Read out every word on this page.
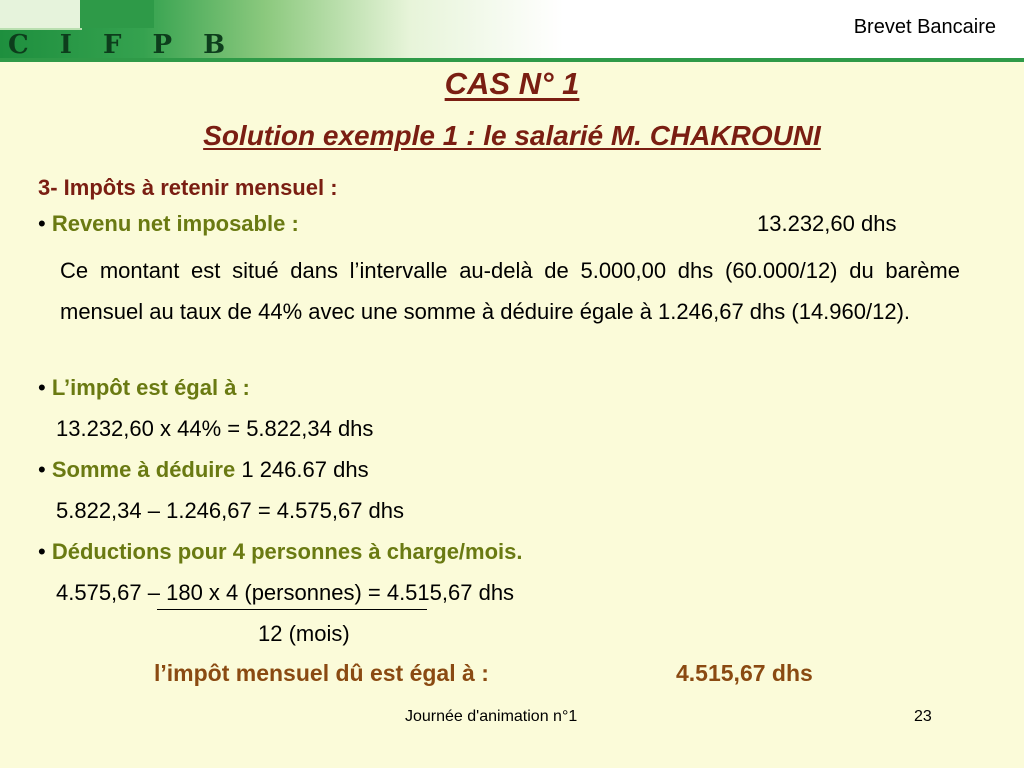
C I F P B
Brevet Bancaire
CAS N° 1
Solution exemple 1 : le salarié M. CHAKROUNI
3- Impôts à retenir mensuel :
• Revenu net imposable :	13.232,60 dhs
Ce montant est situé dans l’intervalle au-delà de 5.000,00 dhs (60.000/12) du barème mensuel au taux de 44% avec une somme à déduire égale à 1.246,67 dhs (14.960/12).
• L’impôt est égal à :
13.232,60 x 44% = 5.822,34 dhs
• Somme à déduire 1 246.67 dhs
5.822,34 – 1.246,67 = 4.575,67 dhs
• Déductions pour 4 personnes à charge/mois.
4.575,67 – 180 x 4 (personnes) = 4.515,67 dhs
12 (mois)
l’impôt mensuel dû est égal à :	4.515,67 dhs
Journée d'animation n°1	23
